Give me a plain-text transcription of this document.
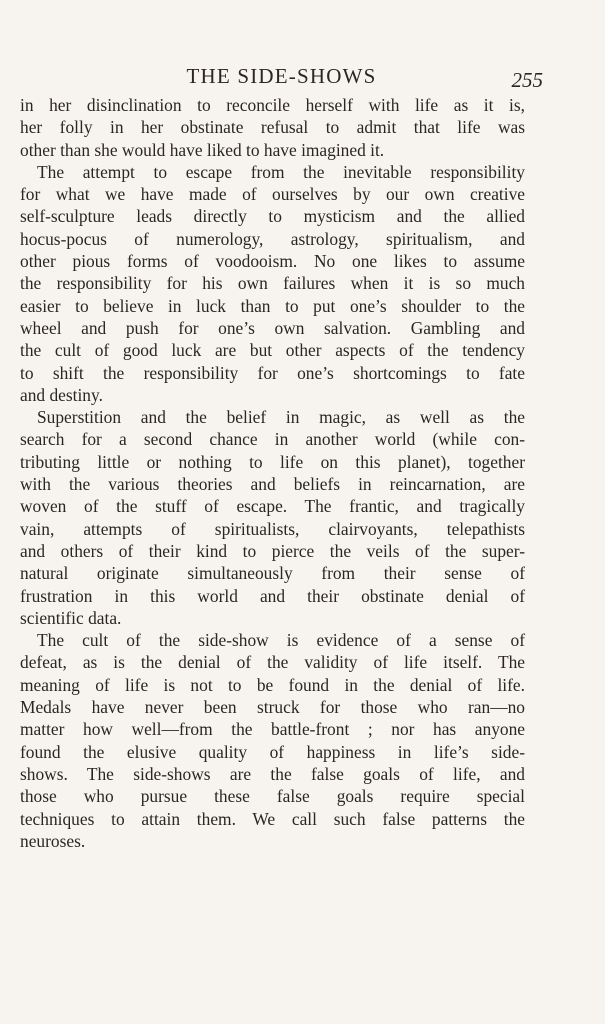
THE SIDE-SHOWS	255
in her disinclination to reconcile herself with life as it is,
her folly in her obstinate refusal to admit that life was
other than she would have liked to have imagined it.
The attempt to escape from the inevitable responsibility
for what we have made of ourselves by our own creative
self-sculpture leads directly to mysticism and the allied
hocus-pocus of numerology, astrology, spiritualism, and
other pious forms of voodooism. No one likes to assume
the responsibility for his own failures when it is so much
easier to believe in luck than to put one’s shoulder to the
wheel and push for one’s own salvation. Gambling and
the cult of good luck are but other aspects of the tendency
to shift the responsibility for one’s shortcomings to fate
and destiny.
Superstition and the belief in magic, as well as the
search for a second chance in another world (while con-
tributing little or nothing to life on this planet), together
with the various theories and beliefs in reincarnation, are
woven of the stuff of escape. The frantic, and tragically
vain, attempts of spiritualists, clairvoyants, telepathists
and others of their kind to pierce the veils of the super-
natural originate simultaneously from their sense of
frustration in this world and their obstinate denial of
scientific data.
The cult of the side-show is evidence of a sense of
defeat, as is the denial of the validity of life itself. The
meaning of life is not to be found in the denial of life.
Medals have never been struck for those who ran—no
matter how well—from the battle-front ; nor has anyone
found the elusive quality of happiness in life’s side-
shows. The side-shows are the false goals of life, and
those who pursue these false goals require special
techniques to attain them. We call such false patterns the
neuroses.
